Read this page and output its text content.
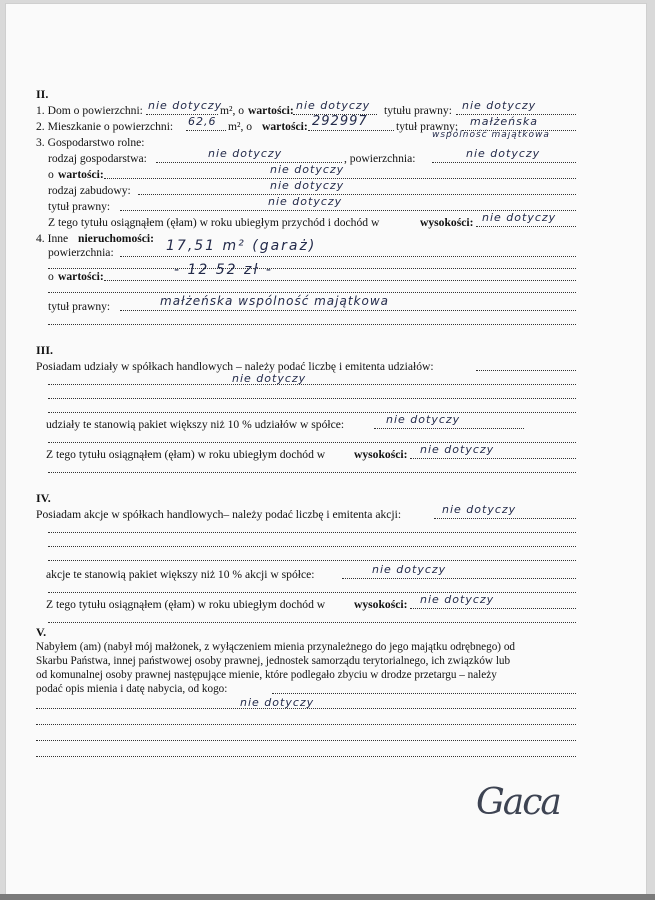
II.
1. Dom o powierzchni: nie dotyczy
m², o wartości: nie dotyczy tytułu prawny: nie dotyczy
2. Mieszkanie o powierzchni: 62,6 m², o wartości: 292997 tytuł prawny: małżeńska
wspólność majątkowa
3. Gospodarstwo rolne:
rodzaj gospodarstwa:	nie dotyczy	, powierzchnia:	nie dotyczy
o wartości:	nie dotyczy
rodzaj zabudowy:	nie dotyczy
tytuł prawny:	nie dotyczy
Z tego tytułu osiągnąłem (ęłam) w roku ubiegłym przychód i dochód w	wysokości: nie dotyczy
4. Inne nieruchomości:
powierzchnia:	17,51 m² (garaż)
o wartości:	- 12 52 zł -
tytuł prawny:	małżeńska wspólność majątkowa
III.
Posiadam udziały w spółkach handlowych – należy podać liczbę i emitenta udziałów:
nie dotyczy
udziały te stanowią pakiet większy niż 10 % udziałów w spółce:	nie dotyczy
Z tego tytułu osiągnąłem (ęłam) w roku ubiegłym dochód w wysokości: nie dotyczy
IV.
Posiadam akcje w spółkach handlowych– należy podać liczbę i emitenta akcji:	nie dotyczy
akcje te stanowią pakiet większy niż 10 % akcji w spółce:	nie dotyczy
Z tego tytułu osiągnąłem (ęłam) w roku ubiegłym dochód w wysokości: nie dotyczy
V.
Nabyłem (am) (nabył mój małżonek, z wyłączeniem mienia przynależnego do jego majątku odrębnego) od
Skarbu Państwa, innej państwowej osoby prawnej, jednostek samorządu terytorialnego, ich związków lub
od komunalnej osoby prawnej następujące mienie, które podlegało zbyciu w drodze przetargu – należy
podać opis mienia i datę nabycia, od kogo:
nie dotyczy
Gaca
